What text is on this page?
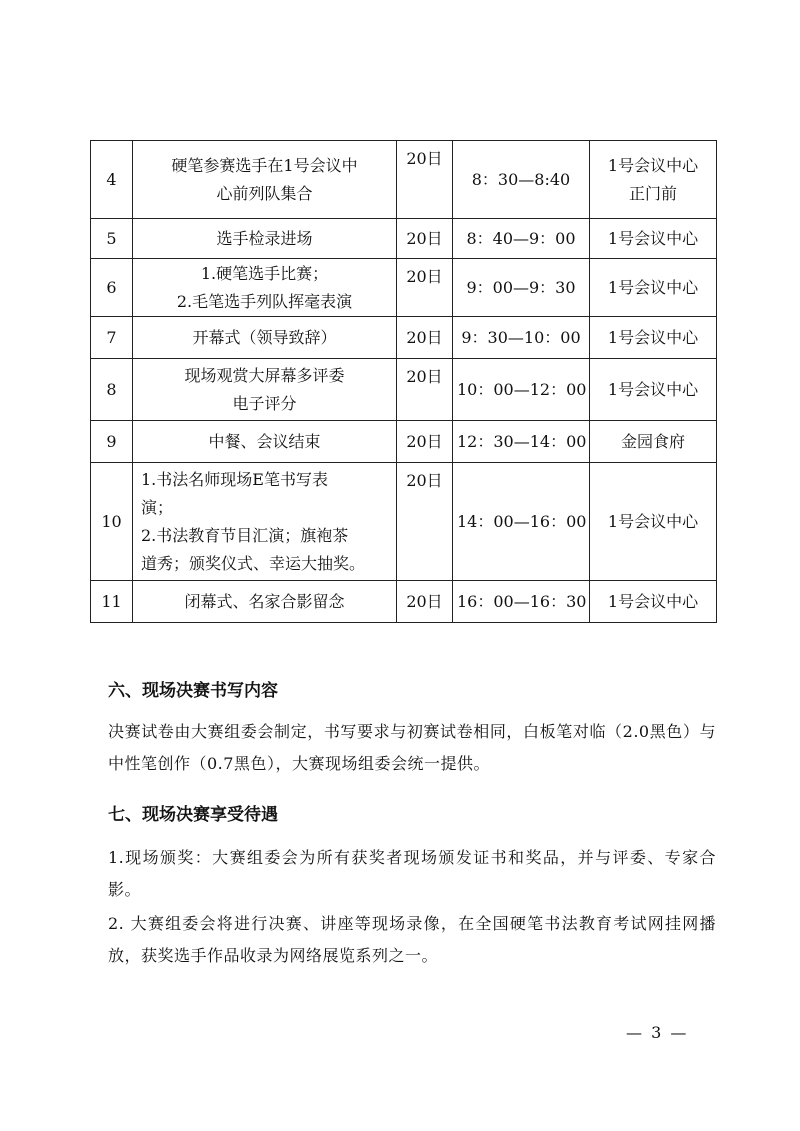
4	硬笔参赛选手在1号会议中
心前列队集合	20日	8：30—8:40	1号会议中心
正门前

5	选手检录进场	20日	8：40—9：00	1号会议中心

6	1.硬笔选手比赛；
2.毛笔选手列队挥毫表演	20日	9：00—9：30	1号会议中心

7	开幕式（领导致辞）	20日	9：30—10：00	1号会议中心

8	现场观赏大屏幕多评委
电子评分	20日	10：00—12：00	1号会议中心

9	中餐、会议结束	20日	12：30—14：00	金园食府

10	1.书法名师现场E笔书写表
演；
2.书法教育节目汇演；旗袍茶
道秀；颁奖仪式、幸运大抽奖。	20日	14：00—16：00	1号会议中心

11	闭幕式、名家合影留念	20日	16：00—16：30	1号会议中心
六、现场决赛书写内容
决赛试卷由大赛组委会制定，书写要求与初赛试卷相同，白板笔对临（2.0黑色）与中性笔创作（0.7黑色），大赛现场组委会统一提供。
七、现场决赛享受待遇
1.现场颁奖：大赛组委会为所有获奖者现场颁发证书和奖品，并与评委、专家合影。
2. 大赛组委会将进行决赛、讲座等现场录像，在全国硬笔书法教育考试网挂网播放，获奖选手作品收录为网络展览系列之一。
— 3 —
